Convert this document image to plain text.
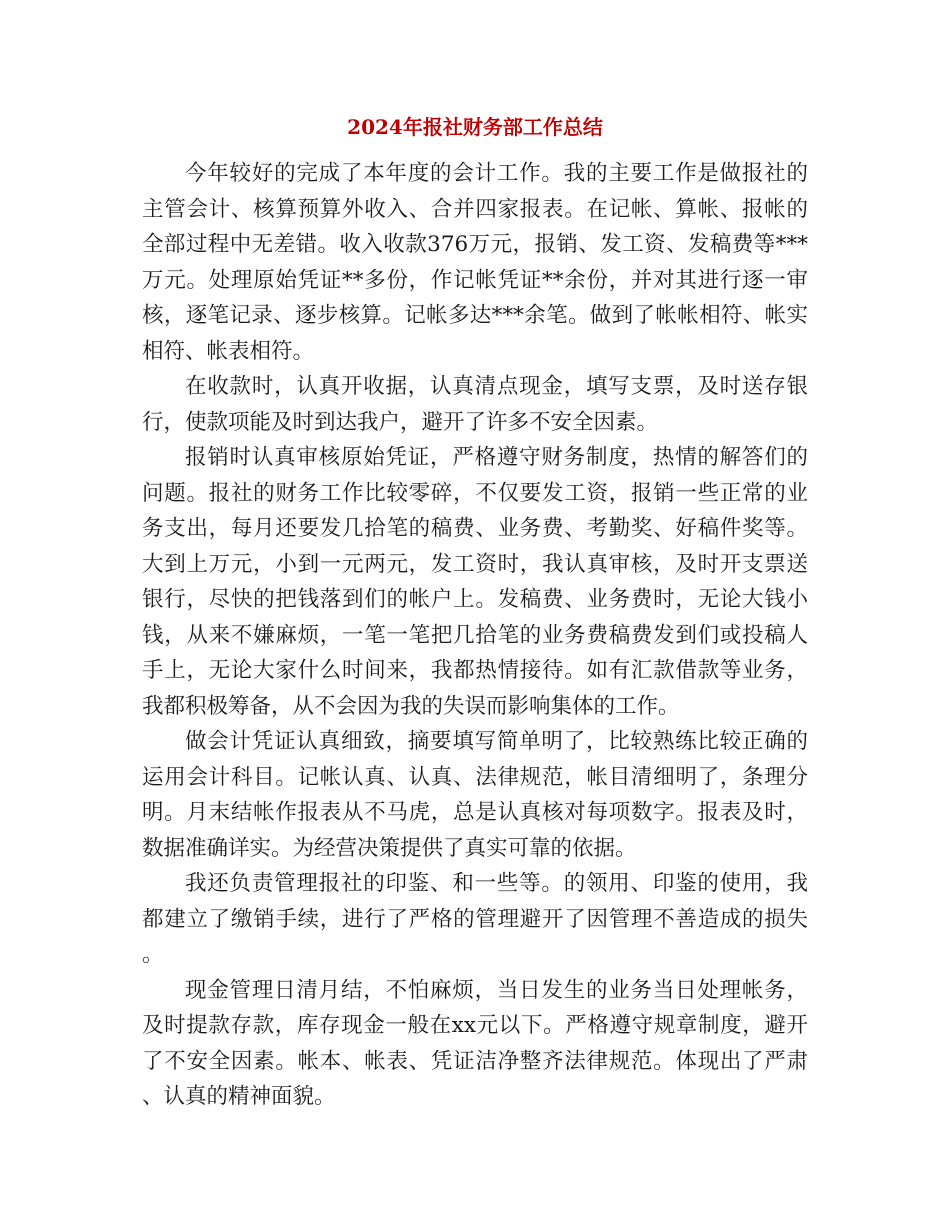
2024年报社财务部工作总结

今年较好的完成了本年度的会计工作。我的主要工作是做报社的主管会计、核算预算外收入、合并四家报表。在记帐、算帐、报帐的全部过程中无差错。收入收款376万元，报销、发工资、发稿费等***万元。处理原始凭证**多份，作记帐凭证**余份，并对其进行逐一审核，逐笔记录、逐步核算。记帐多达***余笔。做到了帐帐相符、帐实相符、帐表相符。

在收款时，认真开收据，认真清点现金，填写支票，及时送存银行，使款项能及时到达我户，避开了许多不安全因素。

报销时认真审核原始凭证，严格遵守财务制度，热情的解答们的问题。报社的财务工作比较零碎，不仅要发工资，报销一些正常的业务支出，每月还要发几拾笔的稿费、业务费、考勤奖、好稿件奖等。大到上万元，小到一元两元，发工资时，我认真审核，及时开支票送银行，尽快的把钱落到们的帐户上。发稿费、业务费时，无论大钱小钱，从来不嫌麻烦，一笔一笔把几拾笔的业务费稿费发到们或投稿人手上，无论大家什么时间来，我都热情接待。如有汇款借款等业务，我都积极筹备，从不会因为我的失误而影响集体的工作。

做会计凭证认真细致，摘要填写简单明了，比较熟练比较正确的运用会计科目。记帐认真、认真、法律规范，帐目清细明了，条理分明。月末结帐作报表从不马虎，总是认真核对每项数字。报表及时，数据准确详实。为经营决策提供了真实可靠的依据。

我还负责管理报社的印鉴、和一些等。的领用、印鉴的使用，我都建立了缴销手续，进行了严格的管理避开了因管理不善造成的损失。

现金管理日清月结，不怕麻烦，当日发生的业务当日处理帐务，及时提款存款，库存现金一般在xx元以下。严格遵守规章制度，避开了不安全因素。帐本、帐表、凭证洁净整齐法律规范。体现出了严肃、认真的精神面貌。
